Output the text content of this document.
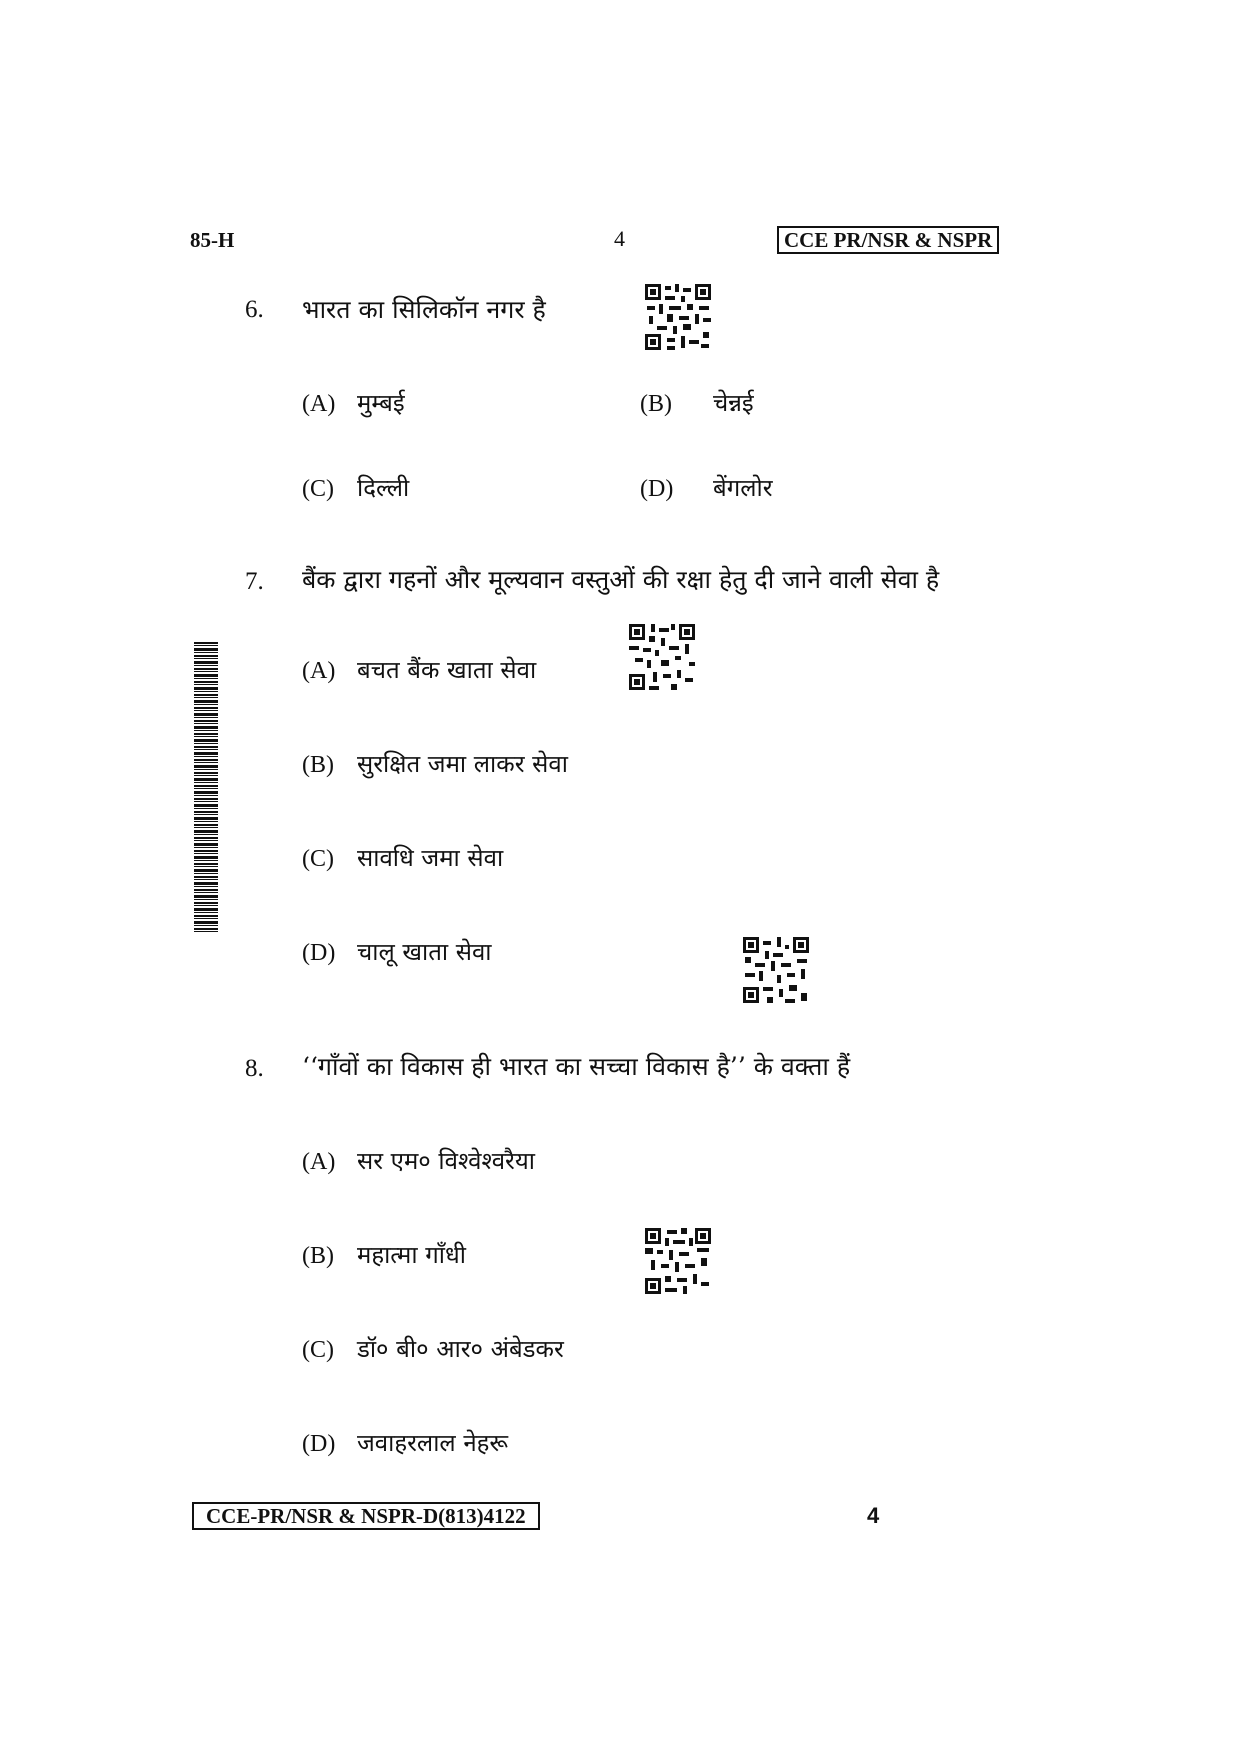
85-H	4	CCE PR/NSR & NSPR
6. भारत का सिलिकॉन नगर है
(A) मुम्बई	(B) चेन्नई
(C) दिल्ली	(D) बेंगलोर
7. बैंक द्वारा गहनों और मूल्यवान वस्तुओं की रक्षा हेतु दी जाने वाली सेवा है
(A) बचत बैंक खाता सेवा
(B) सुरक्षित जमा लाकर सेवा
(C) सावधि जमा सेवा
(D) चालू खाता सेवा
8. ‘‘गाँवों का विकास ही भारत का सच्चा विकास है’’ के वक्ता हैं
(A) सर एम० विश्वेश्वरैया
(B) महात्मा गाँधी
(C) डॉ० बी० आर० अंबेडकर
(D) जवाहरलाल नेहरू
CCE-PR/NSR & NSPR-D(813)4122	4
